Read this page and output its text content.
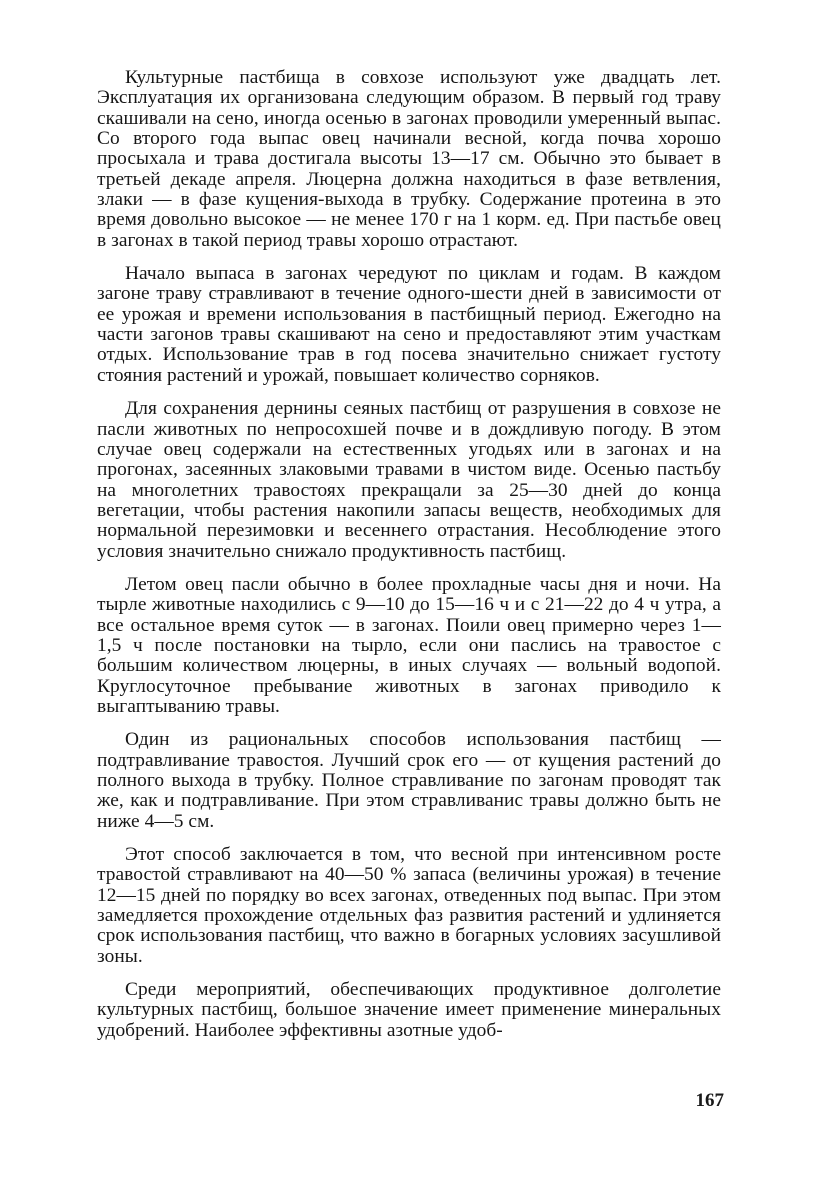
Культурные пастбища в совхозе используют уже двадцать лет. Эксплуатация их организована следующим образом. В первый год траву скашивали на сено, иногда осенью в загонах проводили умеренный выпас. Со второго года выпас овец начинали весной, когда почва хорошо просыхала и трава достигала высоты 13—17 см. Обычно это бывает в третьей декаде апреля. Люцерна должна находиться в фазе ветвления, злаки — в фазе кущения-выхода в трубку. Содержание протеина в это время довольно высокое — не менее 170 г на 1 корм. ед. При пастьбе овец в загонах в такой период травы хорошо отрастают.

Начало выпаса в загонах чередуют по циклам и годам. В каждом загоне траву стравливают в течение одного-шести дней в зависимости от ее урожая и времени использования в пастбищный период. Ежегодно на части загонов травы скашивают на сено и предоставляют этим участкам отдых. Использование трав в год посева значительно снижает густоту стояния растений и урожай, повышает количество сорняков.

Для сохранения дернины сеяных пастбищ от разрушения в совхозе не пасли животных по непросохшей почве и в дождливую погоду. В этом случае овец содержали на естественных угодьях или в загонах и на прогонах, засеянных злаковыми травами в чистом виде. Осенью пастьбу на многолетних травостоях прекращали за 25—30 дней до конца вегетации, чтобы растения накопили запасы веществ, необходимых для нормальной перезимовки и весеннего отрастания. Несоблюдение этого условия значительно снижало продуктивность пастбищ.

Летом овец пасли обычно в более прохладные часы дня и ночи. На тырле животные находились с 9—10 до 15—16 ч и с 21—22 до 4 ч утра, а все остальное время суток — в загонах. Поили овец примерно через 1—1,5 ч после постановки на тырло, если они паслись на травостое с большим количеством люцерны, в иных случаях — вольный водопой. Круглосуточное пребывание животных в загонах приводило к выгаптыванию травы.

Один из рациональных способов использования пастбищ — подтравливание травостоя. Лучший срок его — от кущения растений до полного выхода в трубку. Полное стравливание по загонам проводят так же, как и подтравливание. При этом стравливанис травы должно быть не ниже 4—5 см.

Этот способ заключается в том, что весной при интенсивном росте травостой стравливают на 40—50 % запаса (величины урожая) в течение 12—15 дней по порядку во всех загонах, отведенных под выпас. При этом замедляется прохождение отдельных фаз развития растений и удлиняется срок использования пастбищ, что важно в богарных условиях засушливой зоны.

Среди мероприятий, обеспечивающих продуктивное долголетие культурных пастбищ, большое значение имеет применение минеральных удобрений. Наиболее эффективны азотные удоб-

167
